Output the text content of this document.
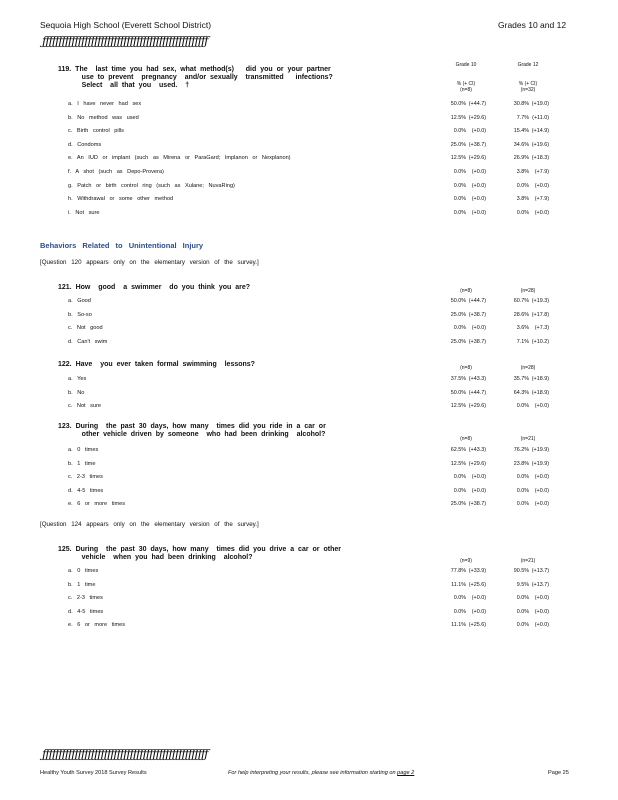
Sequoia High School (Everett School District)	Grades 10 and 12
ƒƒƒƒƒƒƒƒƒƒƒƒƒƒƒƒƒƒƒƒƒƒƒƒƒƒƒƒƒƒƒƒƒƒƒƒƒƒƒƒƒƒƒƒƒƒƒƒƒƒƒ
Grade 10	Grade 12
% (+ CI)	% (+ CI)
119. The  last time you had sex, what method(s)   did you or your partner
use to prevent  pregnancy  and/or sexually  transmitted   infections?
Select  all that you  used.  †
(n=8)	(n=32)
a. I have never had sex	50.0% (+44.7)	30.8% (+19.0)
b. No method was used	12.5% (+29.6)	7.7% (+11.0)
c. Birth control pills	0.0%	(+0.0)	15.4% (+14.9)
d. Condoms	25.0% (+38.7)	34.6% (+19.6)
e. An IUD or implant (such as Mirena or ParaGard; Implanon or Nexplanon)	12.5% (+29.6)	26.9% (+18.3)
f. A shot (such as Depo-Provera)	0.0%	(+0.0)	3.8%	(+7.9)
g. Patch or birth control ring (such as Xulane; NuvaRing)	0.0%	(+0.0)	0.0%	(+0.0)
h. Withdrawal or some other method	0.0%	(+0.0)	3.8%	(+7.9)
i. Not sure	0.0%	(+0.0)	0.0%	(+0.0)
Behaviors Related to Unintentional Injury
[Question 120 appears only on the elementary version of the survey.]
121. How  good  a swimmer  do you think you are?	(n=8)	(n=28)
a. Good	50.0% (+44.7)	60.7% (+19.3)
b. So-so	25.0% (+38.7)	28.6% (+17.8)
c. Not good	0.0%	(+0.0)	3.6%	(+7.3)
d. Can't swim	25.0% (+38.7)	7.1% (+10.2)
122. Have  you ever taken formal swimming  lessons?	(n=8)	(n=28)
a. Yes	37.5% (+43.3)	35.7% (+18.9)
b. No	50.0% (+44.7)	64.3% (+18.9)
c. Not sure	12.5% (+29.6)	0.0%	(+0.0)
123. During  the past 30 days, how many  times did you ride in a car or
other vehicle driven by someone  who had been drinking  alcohol?
(n=8)	(n=21)
a. 0 times	62.5% (+43.3)	76.2% (+19.9)
b. 1 time	12.5% (+29.6)	23.8% (+19.9)
c. 2-3 times	0.0%	(+0.0)	0.0%	(+0.0)
d. 4-5 times	0.0%	(+0.0)	0.0%	(+0.0)
e. 6 or more times	25.0% (+38.7)	0.0%	(+0.0)
[Question 124 appears only on the elementary version of the survey.]
125. During  the past 30 days, how many  times did you drive a car or other
vehicle  when you had been drinking  alcohol?	(n=9)	(n=21)
a. 0 times	77.8% (+33.9)	90.5% (+13.7)
b. 1 time	11.1% (+25.6)	9.5% (+13.7)
c. 2-3 times	0.0%	(+0.0)	0.0%	(+0.0)
d. 4-5 times	0.0%	(+0.0)	0.0%	(+0.0)
e. 6 or more times	11.1% (+25.6)	0.0%	(+0.0)
ƒƒƒƒƒƒƒƒƒƒƒƒƒƒƒƒƒƒƒƒƒƒƒƒƒƒƒƒƒƒƒƒƒƒƒƒƒƒƒƒƒƒƒƒƒƒƒƒƒƒƒ
Healthy Youth Survey 2018 Survey Results	For help interpreting your results, please see information starting on page 2	Page 25
